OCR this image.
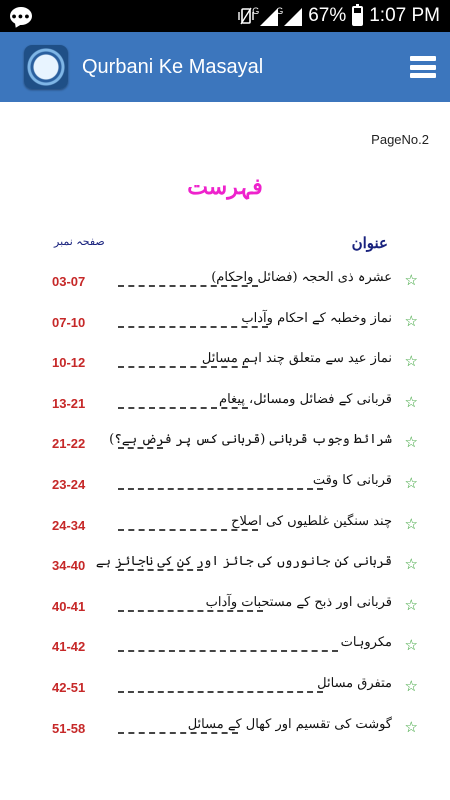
●●●	G G 67% 1:07 PM
Qurbani Ke Masayal
PageNo.2
فہرست
صفحہ نمبر	عنوان
03-07	عشرہ ذی الحجہ (فضائل واحکام) ☆
07-10	نماز وخطبہ کے احکام وآداب ☆
10-12	نماز عید سے متعلق چند اہم مسائل ☆
13-21	قربانی کے فضائل ومسائل، پیغام ☆
21-22 شرائط وجوب قربانی (قربانی کس پر فرض ہے؟) ☆
23-24	قربانی کا وقت ☆
24-34	چند سنگین غلطیوں کی اصلاح ☆
34-40 قربانی کن جانوروں کی جائز اور کن کی ناجائز ہے ☆
40-41	قربانی اور ذبح کے مستحبات وآداب ☆
41-42	مکروہات ☆
42-51	متفرق مسائل ☆
51-58	گوشت کی تقسیم اور کھال کے مسائل ☆
